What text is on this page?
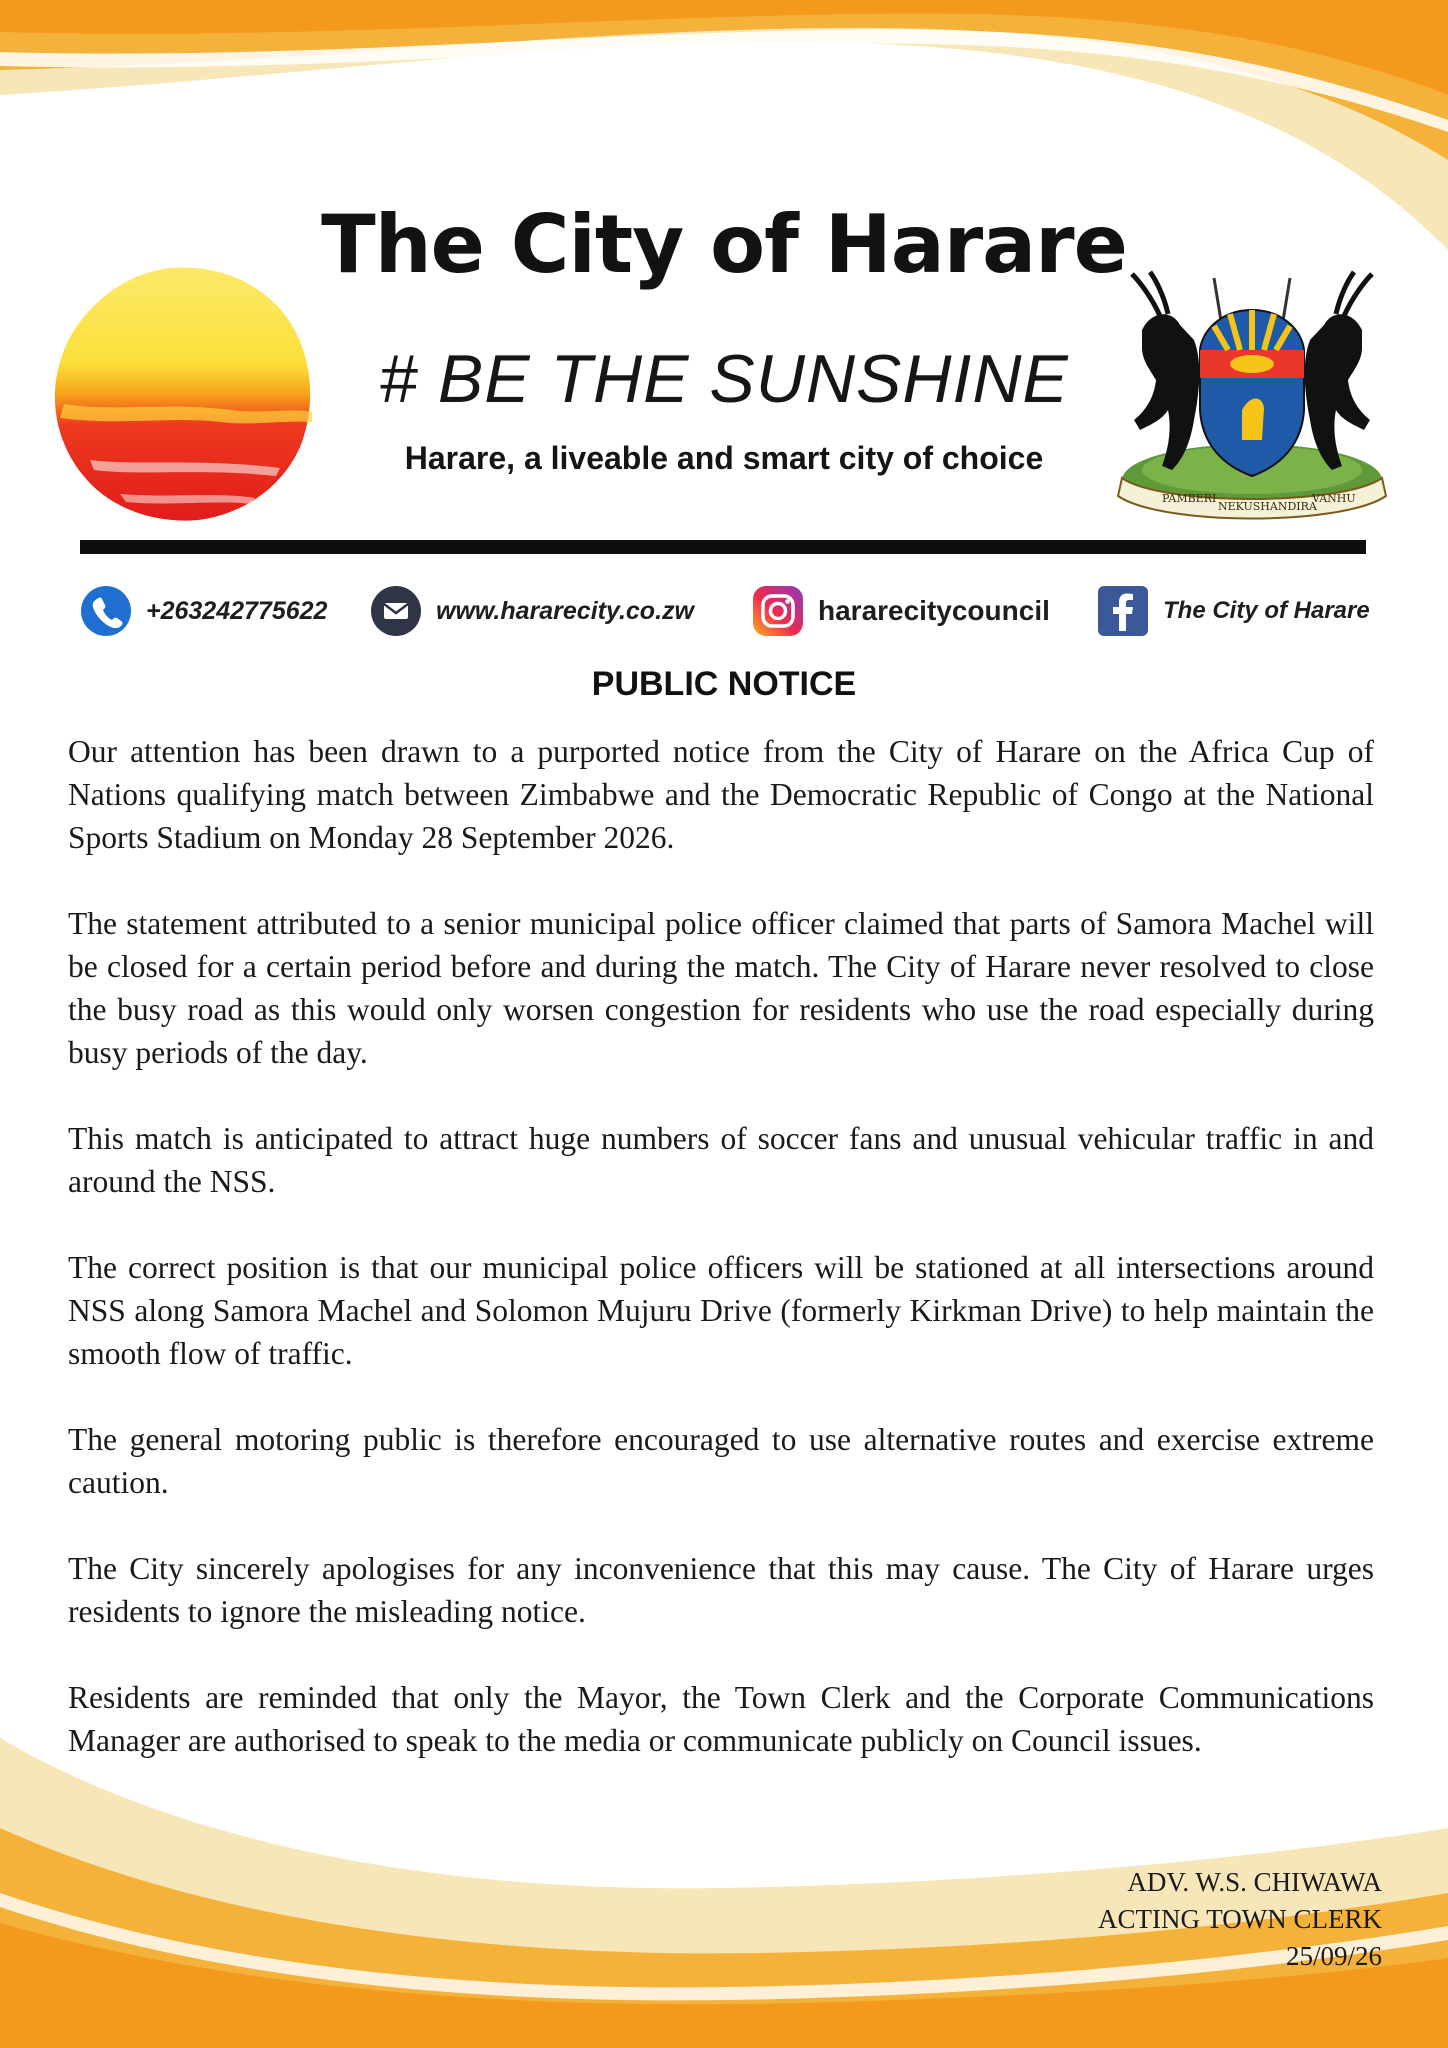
The City of Harare
# BE THE SUNSHINE
Harare, a liveable and smart city of choice
PAMBERI
NEKUSHANDIRA
VANHU
+263242775622	www.hararecity.co.zw	hararecitycouncil	The City of Harare
PUBLIC NOTICE

Our attention has been drawn to a purported notice from the City of Harare on the Africa Cup of Nations qualifying match between Zimbabwe and the Democratic Republic of Congo at the National Sports Stadium on Monday 28 September 2026.

The statement attributed to a senior municipal police officer claimed that parts of Samora Machel will be closed for a certain period before and during the match. The City of Harare never resolved to close the busy road as this would only worsen congestion for residents who use the road especially during busy periods of the day.

This match is anticipated to attract huge numbers of soccer fans and unusual vehicular traffic in and around the NSS.

The correct position is that our municipal police officers will be stationed at all intersections around NSS along Samora Machel and Solomon Mujuru Drive (formerly Kirkman Drive) to help maintain the smooth flow of traffic.

The general motoring public is therefore encouraged to use alternative routes and exercise extreme caution.

The City sincerely apologises for any inconvenience that this may cause. The City of Harare urges residents to ignore the misleading notice.

Residents are reminded that only the Mayor, the Town Clerk and the Corporate Communications Manager are authorised to speak to the media or communicate publicly on Council issues.

ADV. W.S. CHIWAWA
ACTING TOWN CLERK
25/09/26
